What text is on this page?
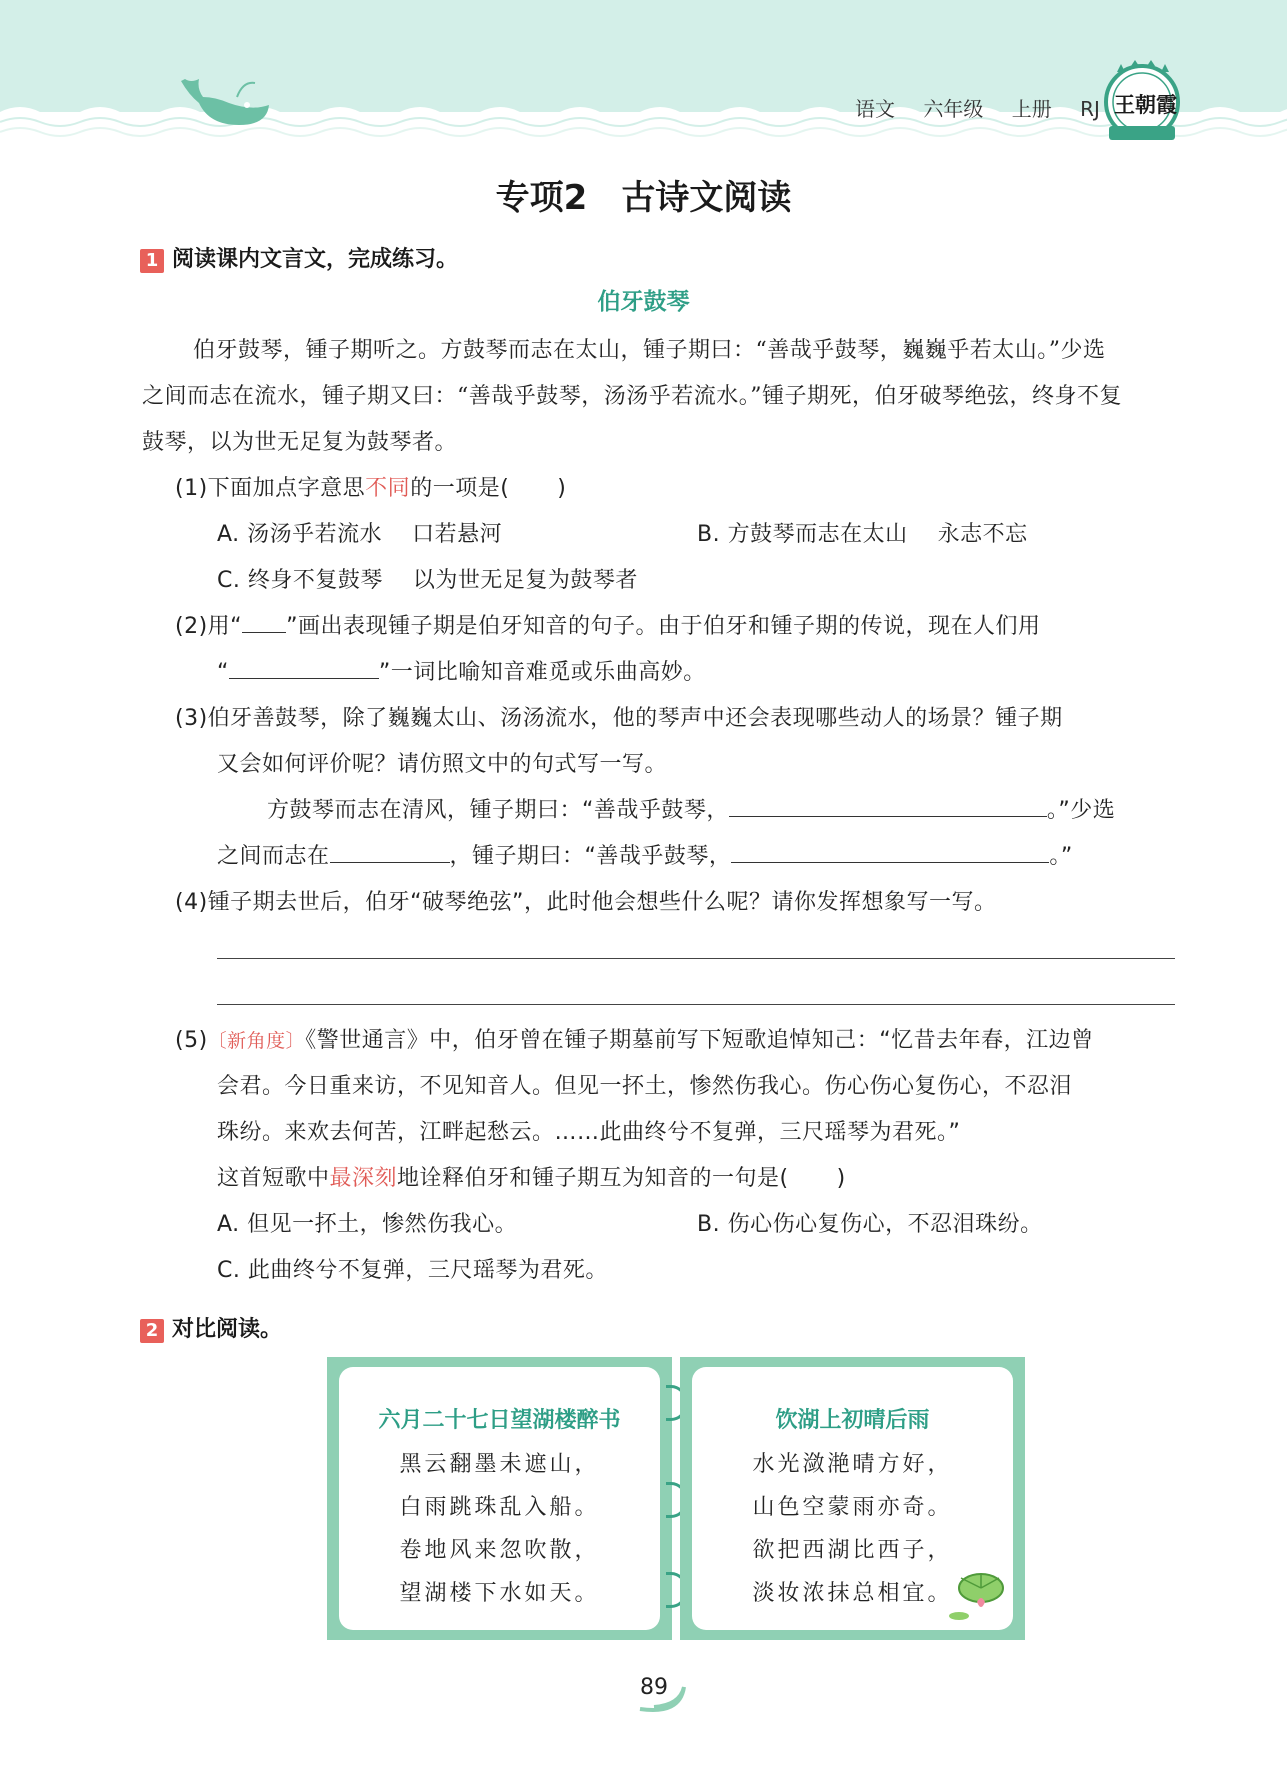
语文 六年级 上册 RJ 王朝霞
专项2　古诗文阅读
1 阅读课内文言文，完成练习。
伯牙鼓琴
伯牙鼓琴，锺子期听之。方鼓琴而志在太山，锺子期曰：“善哉乎鼓琴，巍巍乎若太山。”少选
之间而志在流水，锺子期又曰：“善哉乎鼓琴，汤汤乎若流水。”锺子期死，伯牙破琴绝弦，终身不复
鼓琴，以为世无足复为鼓琴者。
(1)下面加点字意思不同的一项是( )
A. 汤汤乎若流水 口若悬河	B. 方鼓琴而志在太山 永志不忘
C. 终身不复鼓琴 以为世无足复为鼓琴者
(2)用“ ”画出表现锺子期是伯牙知音的句子。由于伯牙和锺子期的传说，现在人们用
“	”一词比喻知音难觅或乐曲高妙。
(3)伯牙善鼓琴，除了巍巍太山、汤汤流水，他的琴声中还会表现哪些动人的场景？锺子期
又会如何评价呢？请仿照文中的句式写一写。
方鼓琴而志在清风，锺子期曰：“善哉乎鼓琴，	。”少选
之间而志在	，锺子期曰：“善哉乎鼓琴，	。”
(4)锺子期去世后，伯牙“破琴绝弦”，此时他会想些什么呢？请你发挥想象写一写。
(5)〔新角度〕《警世通言》中，伯牙曾在锺子期墓前写下短歌追悼知己：“忆昔去年春，江边曾
会君。今日重来访，不见知音人。但见一抔土，惨然伤我心。伤心伤心复伤心，不忍泪
珠纷。来欢去何苦，江畔起愁云。……此曲终兮不复弹，三尺瑶琴为君死。”
这首短歌中最深刻地诠释伯牙和锺子期互为知音的一句是( )
A. 但见一抔土，惨然伤我心。	B. 伤心伤心复伤心，不忍泪珠纷。
C. 此曲终兮不复弹，三尺瑶琴为君死。
2 对比阅读。
六月二十七日望湖楼醉书
黑云翻墨未遮山，
白雨跳珠乱入船。
卷地风来忽吹散，
望湖楼下水如天。
饮湖上初晴后雨
水光潋滟晴方好，
山色空蒙雨亦奇。
欲把西湖比西子，
淡妆浓抹总相宜。
89
